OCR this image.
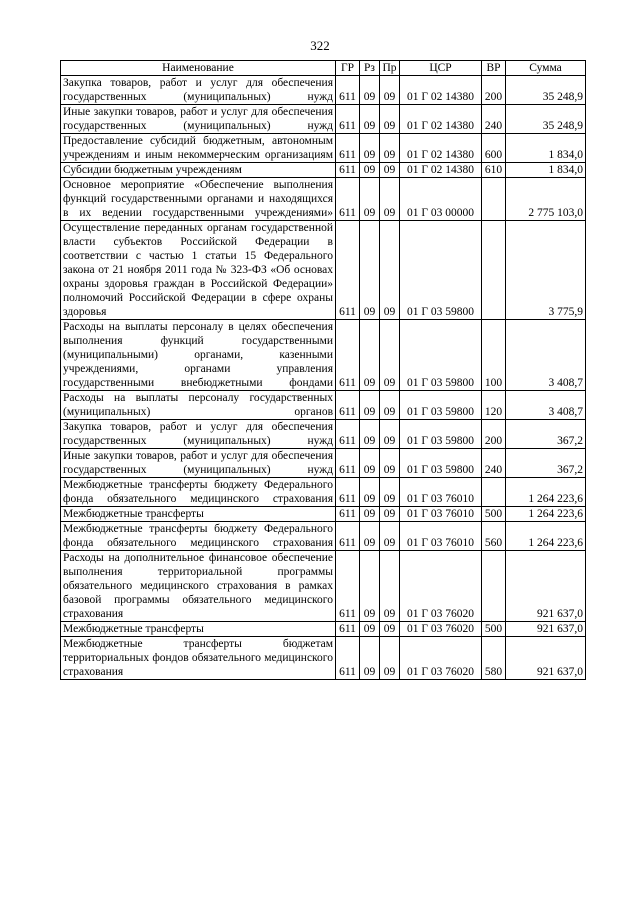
322
Наименование	ГР	Рз	Пр	ЦСР	ВР	Сумма
Закупка товаров, работ и услуг для обеспечения государственных (муниципальных) нужд	611	09	09	01 Г 02 14380	200	35 248,9
Иные закупки товаров, работ и услуг для обеспечения государственных (муниципальных) нужд	611	09	09	01 Г 02 14380	240	35 248,9
Предоставление субсидий бюджетным, автономным учреждениям и иным некоммерческим организациям	611	09	09	01 Г 02 14380	600	1 834,0
Субсидии бюджетным учреждениям	611	09	09	01 Г 02 14380	610	1 834,0
Основное мероприятие «Обеспечение выполнения функций государственными органами и находящихся в их ведении государственными учреждениями»	611	09	09	01 Г 03 00000		2 775 103,0
Осуществление переданных органам государственной власти субъектов Российской Федерации в соответствии с частью 1 статьи 15 Федерального закона от 21 ноября 2011 года № 323-ФЗ «Об основах охраны здоровья граждан в Российской Федерации» полномочий Российской Федерации в сфере охраны здоровья	611	09	09	01 Г 03 59800		3 775,9
Расходы на выплаты персоналу в целях обеспечения выполнения функций государственными (муниципальными) органами, казенными учреждениями, органами управления государственными внебюджетными фондами	611	09	09	01 Г 03 59800	100	3 408,7
Расходы на выплаты персоналу государственных (муниципальных) органов	611	09	09	01 Г 03 59800	120	3 408,7
Закупка товаров, работ и услуг для обеспечения государственных (муниципальных) нужд	611	09	09	01 Г 03 59800	200	367,2
Иные закупки товаров, работ и услуг для обеспечения государственных (муниципальных) нужд	611	09	09	01 Г 03 59800	240	367,2
Межбюджетные трансферты бюджету Федерального фонда обязательного медицинского страхования	611	09	09	01 Г 03 76010		1 264 223,6
Межбюджетные трансферты	611	09	09	01 Г 03 76010	500	1 264 223,6
Межбюджетные трансферты бюджету Федерального фонда обязательного медицинского страхования	611	09	09	01 Г 03 76010	560	1 264 223,6
Расходы на дополнительное финансовое обеспечение выполнения территориальной программы обязательного медицинского страхования в рамках базовой программы обязательного медицинского страхования	611	09	09	01 Г 03 76020		921 637,0
Межбюджетные трансферты	611	09	09	01 Г 03 76020	500	921 637,0
Межбюджетные трансферты бюджетам территориальных фондов обязательного медицинского страхования	611	09	09	01 Г 03 76020	580	921 637,0
